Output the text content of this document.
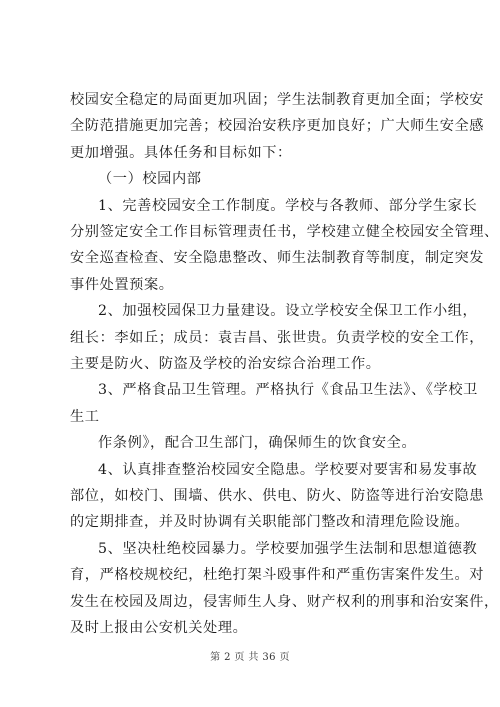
校园安全稳定的局面更加巩固；学生法制教育更加全面；学校安
全防范措施更加完善；校园治安秩序更加良好；广大师生安全感
更加增强。具体任务和目标如下：
（一）校园内部
1、完善校园安全工作制度。学校与各教师、部分学生家长
分别签定安全工作目标管理责任书，学校建立健全校园安全管理、
安全巡查检查、安全隐患整改、师生法制教育等制度，制定突发
事件处置预案。
2、加强校园保卫力量建设。设立学校安全保卫工作小组，
组长：李如丘；成员：袁吉昌、张世贵。负责学校的安全工作，
主要是防火、防盗及学校的治安综合治理工作。
3、严格食品卫生管理。严格执行《食品卫生法》、《学校卫
生工
作条例》，配合卫生部门，确保师生的饮食安全。
4、认真排查整治校园安全隐患。学校要对要害和易发事故
部位，如校门、围墙、供水、供电、防火、防盗等进行治安隐患
的定期排查，并及时协调有关职能部门整改和清理危险设施。
5、坚决杜绝校园暴力。学校要加强学生法制和思想道德教
育，严格校规校纪，杜绝打架斗殴事件和严重伤害案件发生。对
发生在校园及周边，侵害师生人身、财产权利的刑事和治安案件，
及时上报由公安机关处理。
第 2 页 共 36 页
